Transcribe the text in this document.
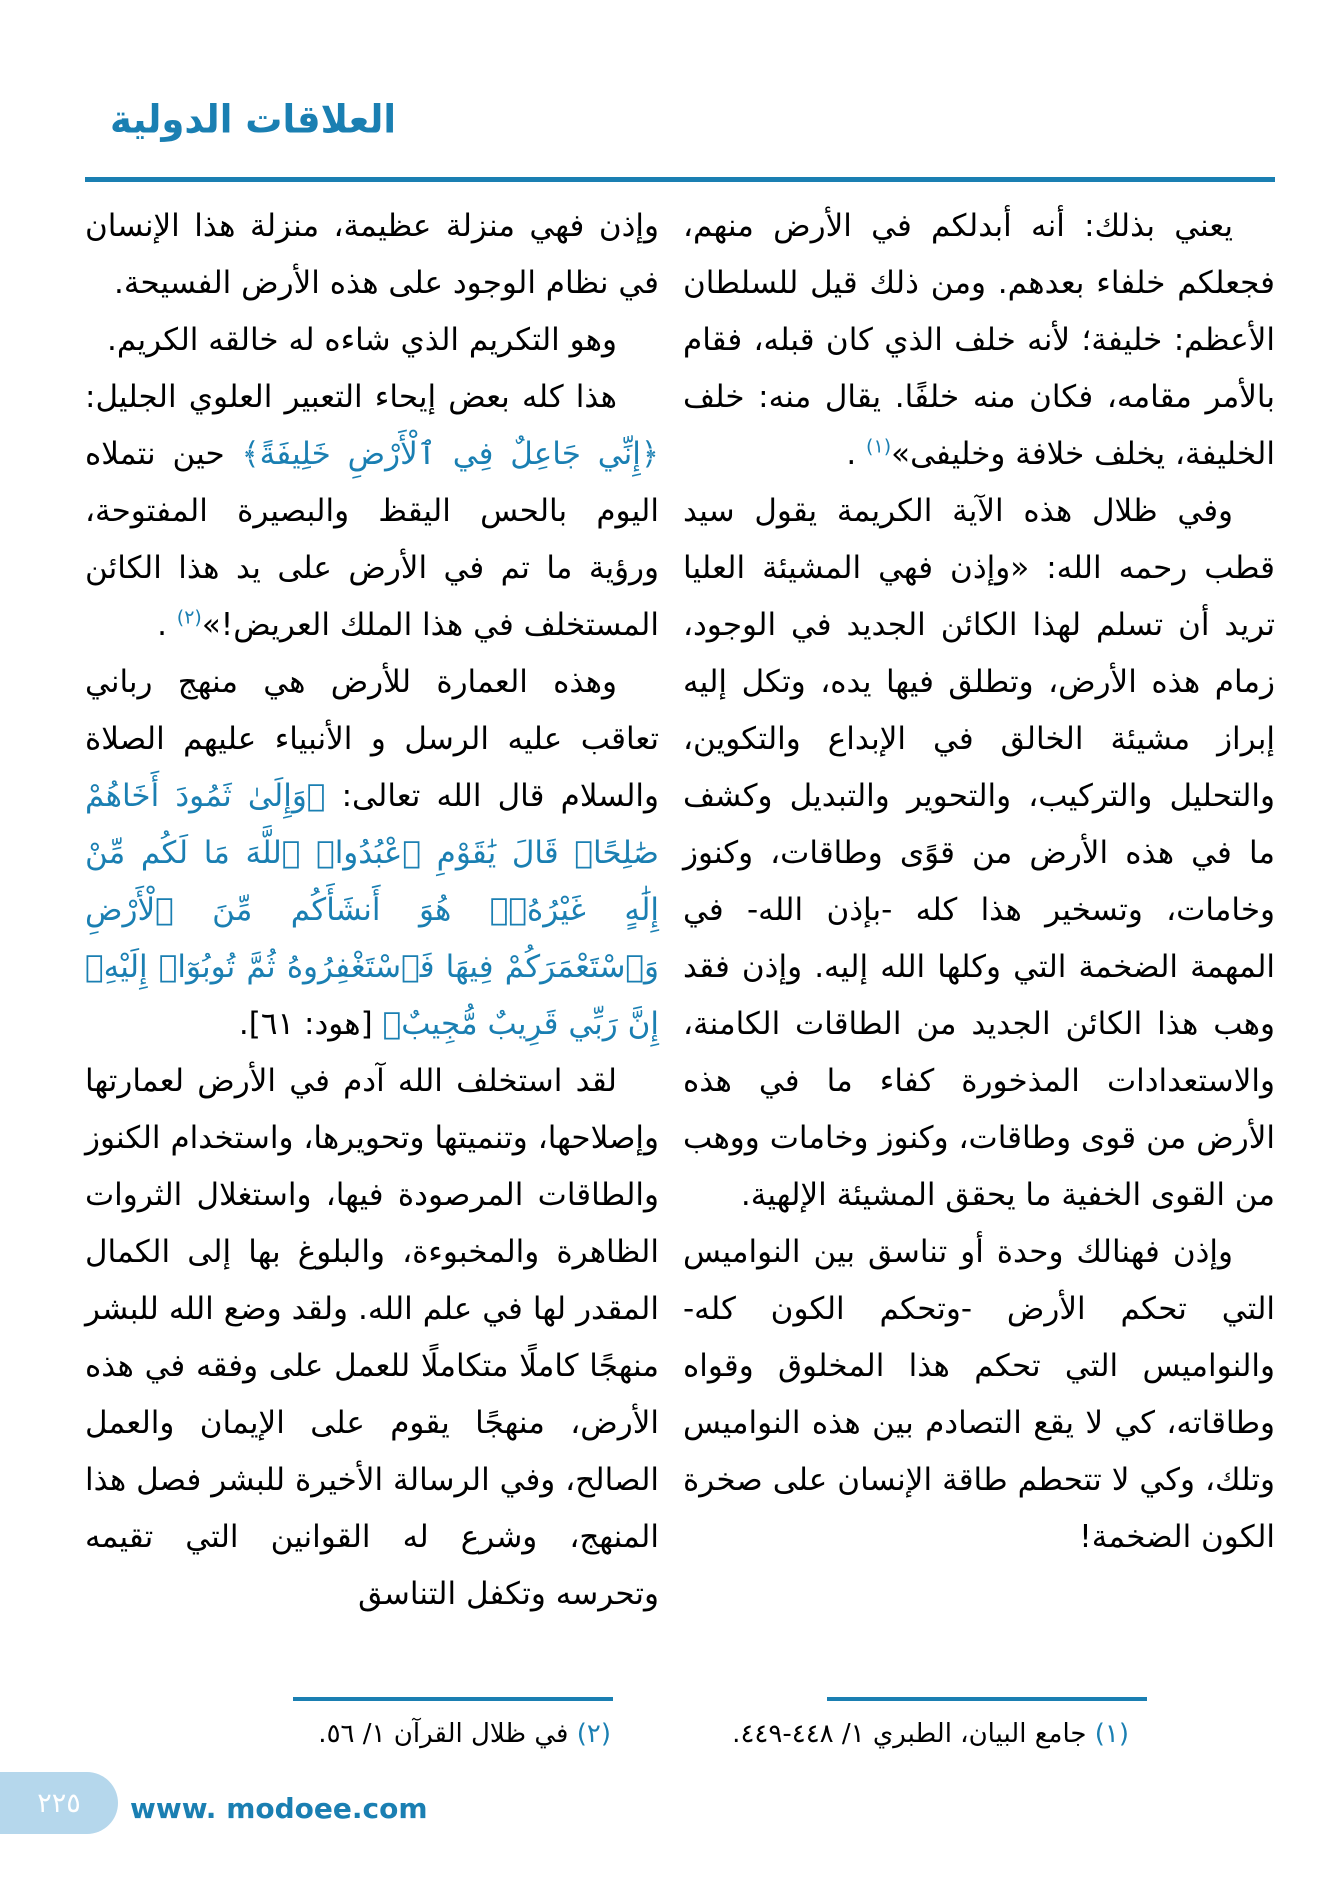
العلاقات الدولية

يعني بذلك: أنه أبدلكم في الأرض منهم، فجعلكم خلفاء بعدهم. ومن ذلك قيل للسلطان الأعظم: خليفة؛ لأنه خلف الذي كان قبله، فقام بالأمر مقامه، فكان منه خلفًا. يقال منه: خلف الخليفة، يخلف خلافة وخليفى»$^{(١)}$ .

وفي ظلال هذه الآية الكريمة يقول سيد قطب رحمه الله: «وإذن فهي المشيئة العليا تريد أن تسلم لهذا الكائن الجديد في الوجود، زمام هذه الأرض، وتطلق فيها يده، وتكل إليه إبراز مشيئة الخالق في الإبداع والتكوين، والتحليل والتركيب، والتحوير والتبديل وكشف ما في هذه الأرض من قوًى وطاقات، وكنوز وخامات، وتسخير هذا كله -بإذن الله- في المهمة الضخمة التي وكلها الله إليه. وإذن فقد وهب هذا الكائن الجديد من الطاقات الكامنة، والاستعدادات المذخورة كفاء ما في هذه الأرض من قوى وطاقات، وكنوز وخامات ووهب من القوى الخفية ما يحقق المشيئة الإلهية.

وإذن فهنالك وحدة أو تناسق بين النواميس التي تحكم الأرض -وتحكم الكون كله- والنواميس التي تحكم هذا المخلوق وقواه وطاقاته، كي لا يقع التصادم بين هذه النواميس وتلك، وكي لا تتحطم طاقة الإنسان على صخرة الكون الضخمة!

وإذن فهي منزلة عظيمة، منزلة هذا الإنسان في نظام الوجود على هذه الأرض الفسيحة.

وهو التكريم الذي شاءه له خالقه الكريم.

هذا كله بعض إيحاء التعبير العلوي الجليل: ﴿إِنِّي جَاعِلٌ فِي ٱلْأَرْضِ خَلِيفَةً﴾ حين نتملاه اليوم بالحس اليقظ والبصيرة المفتوحة، ورؤية ما تم في الأرض على يد هذا الكائن المستخلف في هذا الملك العريض!»$^{(٢)}$ .

وهذه العمارة للأرض هي منهج رباني تعاقب عليه الرسل و الأنبياء عليهم الصلاة والسلام قال الله تعالى: ﴿وَإِلَىٰ ثَمُودَ أَخَاهُمْ صَٰلِحًاۚ قَالَ يَٰقَوْمِ ٱعْبُدُوا۟ ٱللَّهَ مَا لَكُم مِّنْ إِلَٰهٍ غَيْرُهُۥۖ هُوَ أَنشَأَكُم مِّنَ ٱلْأَرْضِ وَٱسْتَعْمَرَكُمْ فِيهَا فَٱسْتَغْفِرُوهُ ثُمَّ تُوبُوٓا۟ إِلَيْهِۚ إِنَّ رَبِّي قَرِيبٌ مُّجِيبٌ﴾ [هود: ٦١].

لقد استخلف الله آدم في الأرض لعمارتها وإصلاحها، وتنميتها وتحويرها، واستخدام الكنوز والطاقات المرصودة فيها، واستغلال الثروات الظاهرة والمخبوءة، والبلوغ بها إلى الكمال المقدر لها في علم الله. ولقد وضع الله للبشر منهجًا كاملًا متكاملًا للعمل على وفقه في هذه الأرض، منهجًا يقوم على الإيمان والعمل الصالح، وفي الرسالة الأخيرة للبشر فصل هذا المنهج، وشرع له القوانين التي تقيمه وتحرسه وتكفل التناسق

(١) جامع البيان، الطبري ١/ ٤٤٨-٤٤٩.
(٢) في ظلال القرآن ١/ ٥٦.
٢٢٥ www. modoee.com
